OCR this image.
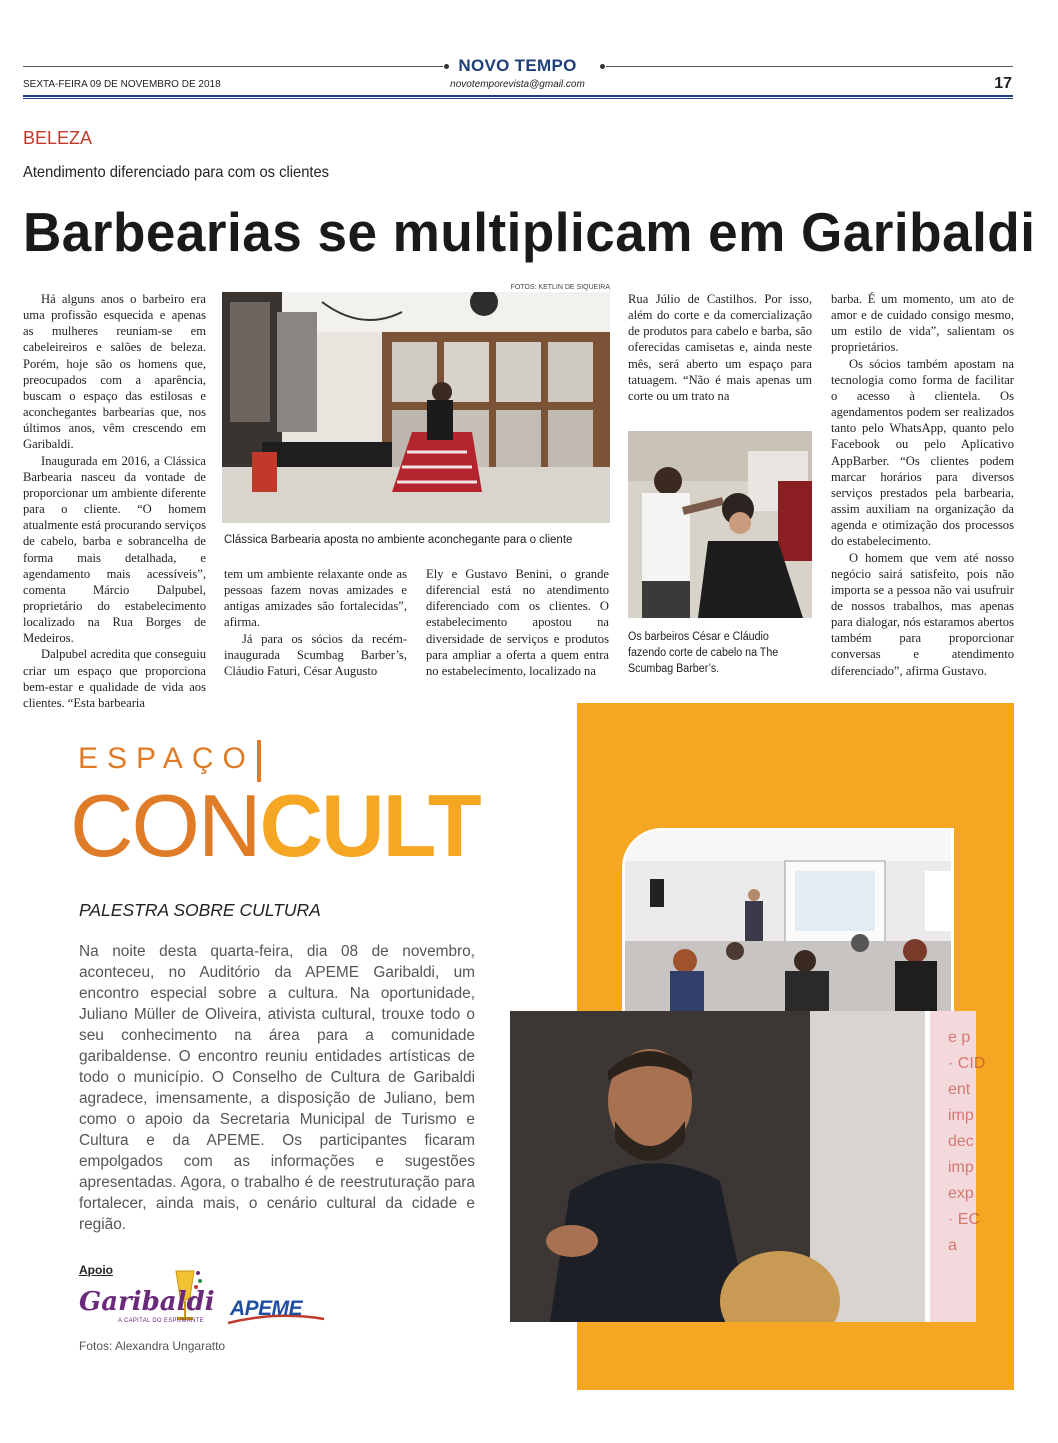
NOVO TEMPO
SEXTA-FEIRA 09 DE NOVEMBRO DE 2018	novotemporevista@gmail.com	17
BELEZA
Atendimento diferenciado para com os clientes
Barbearias se multiplicam em Garibaldi

Há alguns anos o barbeiro era uma profissão esquecida e apenas as mulheres reuniam-se em cabeleireiros e salões de beleza. Porém, hoje são os homens que, preocupados com a aparência, buscam o espaço das estilosas e aconchegantes barbearias que, nos últimos anos, vêm crescendo em Garibaldi.

Inaugurada em 2016, a Clássica Barbearia nasceu da vontade de proporcionar um ambiente diferente para o cliente. “O homem atualmente está procurando serviços de cabelo, barba e sobrancelha de forma mais detalhada, e agendamento mais acessíveis”, comenta Márcio Dalpubel, proprietário do estabelecimento localizado na Rua Borges de Medeiros.

Dalpubel acredita que conseguiu criar um espaço que proporciona bem-estar e qualidade de vida aos clientes. “Esta barbearia

FOTOS: KETLIN DE SIQUEIRA
Clássica Barbearia aposta no ambiente aconchegante para o cliente

tem um ambiente relaxante onde as pessoas fazem novas amizades e antigas amizades são fortalecidas”, afirma.

Já para os sócios da recém-inaugurada Scumbag Barber’s, Cláudio Faturi, César Augusto

Ely e Gustavo Benini, o grande diferencial está no atendimento diferenciado com os clientes. O estabelecimento apostou na diversidade de serviços e produtos para ampliar a oferta a quem entra no estabelecimento, localizado na

Rua Júlio de Castilhos. Por isso, além do corte e da comercialização de produtos para cabelo e barba, são oferecidas camisetas e, ainda neste mês, será aberto um espaço para tatuagem. “Não é mais apenas um corte ou um trato na

Os barbeiros César e Cláudio fazendo corte de cabelo na The Scumbag Barber’s.

barba. É um momento, um ato de amor e de cuidado consigo mesmo, um estilo de vida”, salientam os proprietários.

Os sócios também apostam na tecnologia como forma de facilitar o acesso à clientela. Os agendamentos podem ser realizados tanto pelo WhatsApp, quanto pelo Facebook ou pelo Aplicativo AppBarber. “Os clientes podem marcar horários para diversos serviços prestados pela barbearia, assim auxiliam na organização da agenda e otimização dos processos do estabelecimento.

O homem que vem até nosso negócio sairá satisfeito, pois não importa se a pessoa não vai usufruir de nossos trabalhos, mas apenas para dialogar, nós estaramos abertos também para proporcionar conversas e atendimento diferenciado”, afirma Gustavo.

ESPAÇO
CONCULT
PALESTRA SOBRE CULTURA
Na noite desta quarta-feira, dia 08 de novembro, aconteceu, no Auditório da APEME Garibaldi, um encontro especial sobre a cultura. Na oportunidade, Juliano Müller de Oliveira, ativista cultural, trouxe todo o seu conhecimento na área para a comunidade garibaldense. O encontro reuniu entidades artísticas de todo o município. O Conselho de Cultura de Garibaldi agradece, imensamente, a disposição de Juliano, bem como o apoio da Secretaria Municipal de Turismo e Cultura e da APEME. Os participantes ficaram empolgados com as informações e sugestões apresentadas. Agora, o trabalho é de reestruturação para fortalecer, ainda mais, o cenário cultural da cidade e região.
e p
· CID
ent
imp
dec
imp
exp
· EC
a
Apoio
Garibaldi
A CAPITAL DO ESPUMANTE
APEME
Fotos: Alexandra Ungaratto
